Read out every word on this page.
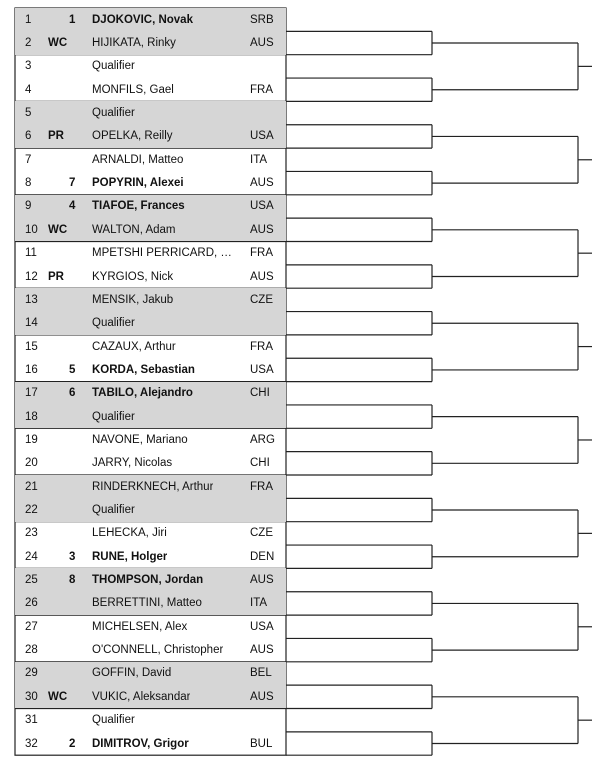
1	1 DJOKOVIC, Novak	SRB
2 WC HIJIKATA, Rinky	AUS
3	Qualifier
4	MONFILS, Gael	FRA
5	Qualifier
6 PR OPELKA, Reilly	USA
7	ARNALDI, Matteo	ITA
8	7 POPYRIN, Alexei	AUS
9	4 TIAFOE, Frances	USA
10 WC WALTON, Adam	AUS
11	MPETSHI PERRICARD, … FRA
12 PR KYRGIOS, Nick	AUS
13	MENSIK, Jakub	CZE
14	Qualifier
15	CAZAUX, Arthur	FRA
16	5 KORDA, Sebastian	USA
17	6 TABILO, Alejandro	CHI
18	Qualifier
19	NAVONE, Mariano	ARG
20	JARRY, Nicolas	CHI
21	RINDERKNECH, Arthur	FRA
22	Qualifier
23	LEHECKA, Jiri	CZE
24	3 RUNE, Holger	DEN
25	8 THOMPSON, Jordan	AUS
26	BERRETTINI, Matteo	ITA
27	MICHELSEN, Alex	USA
28	O'CONNELL, Christopher AUS
29	GOFFIN, David	BEL
30 WC VUKIC, Aleksandar	AUS
31	Qualifier
32	2 DIMITROV, Grigor	BUL
